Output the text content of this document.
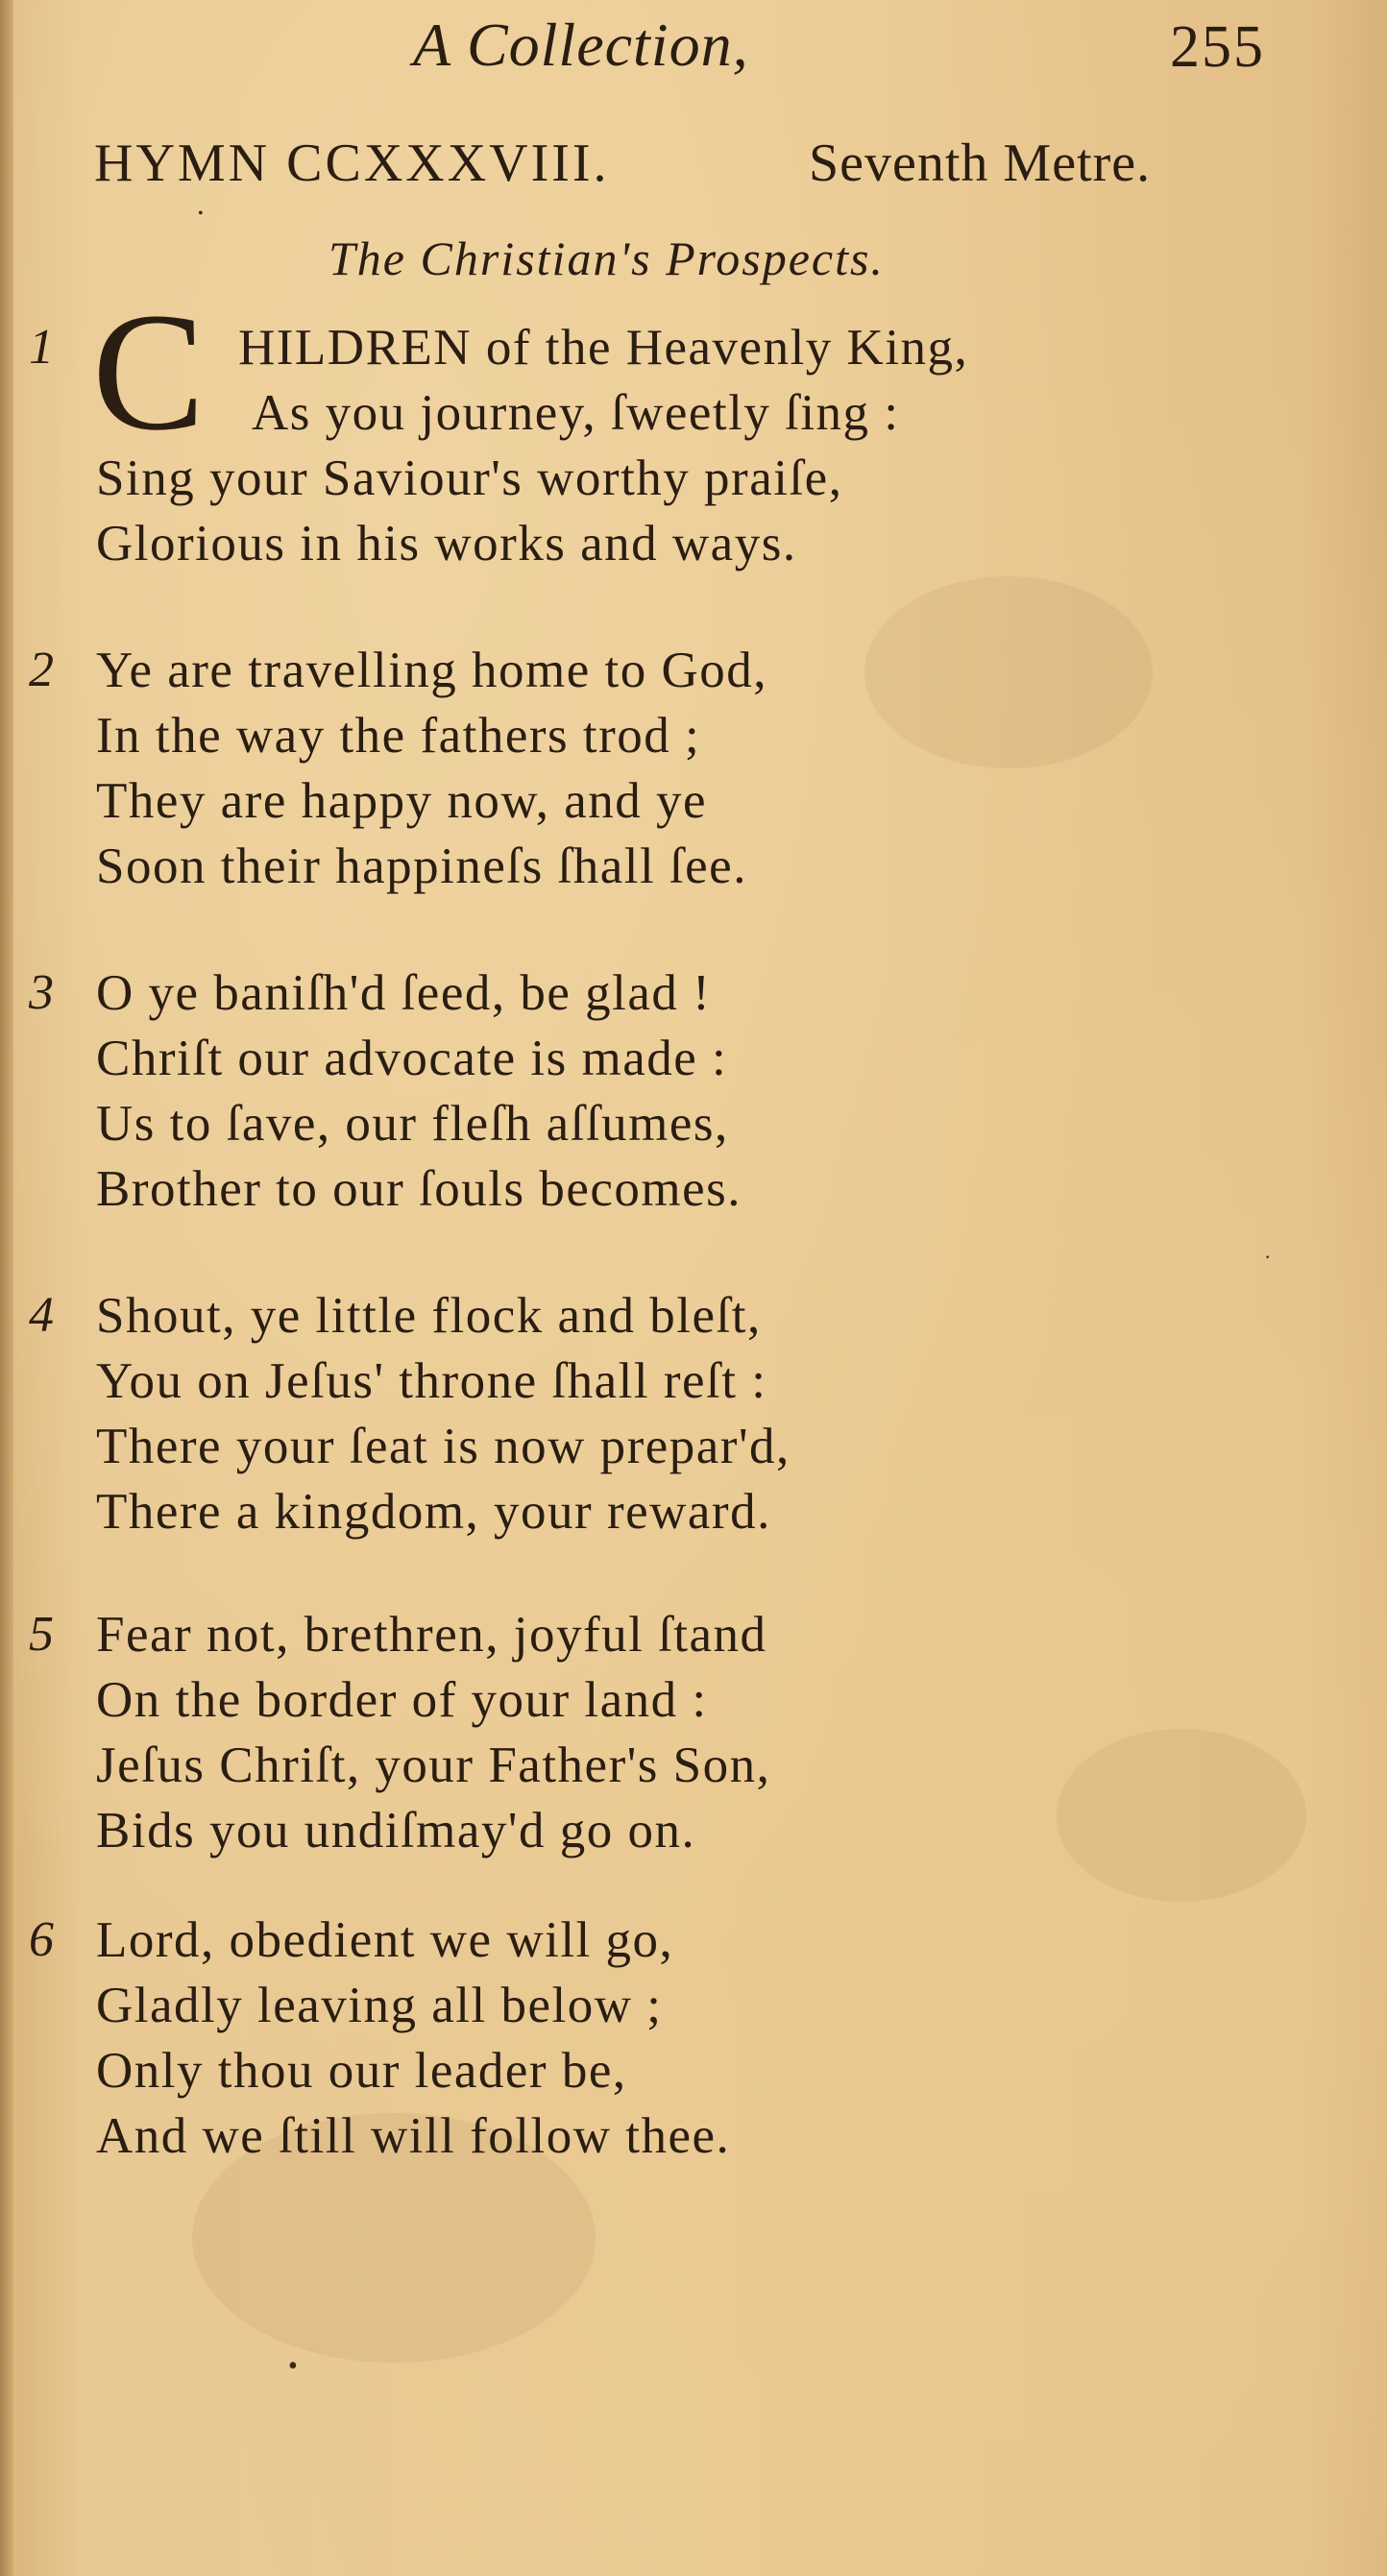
A Collection,	255
HYMN CCXXXVIII.	Seventh Metre.
The Christian's Prospects.
C
1	HILDREN of the Heavenly King,
As you journey, ſweetly ſing :
Sing your Saviour's worthy praiſe,
Glorious in his works and ways.
2 Ye are travelling home to God,
In the way the fathers trod ;
They are happy now, and ye
Soon their happineſs ſhall ſee.
3 O ye baniſh'd ſeed, be glad !
Chriſt our advocate is made :
Us to ſave, our fleſh aſſumes,
Brother to our ſouls becomes.
4 Shout, ye little flock and bleſt,
You on Jeſus' throne ſhall reſt :
There your ſeat is now prepar'd,
There a kingdom, your reward.
5 Fear not, brethren, joyful ſtand
On the border of your land :
Jeſus Chriſt, your Father's Son,
Bids you undiſmay'd go on.
6 Lord, obedient we will go,
Gladly leaving all below ;
Only thou our leader be,
And we ſtill will follow thee.
•
•
·
